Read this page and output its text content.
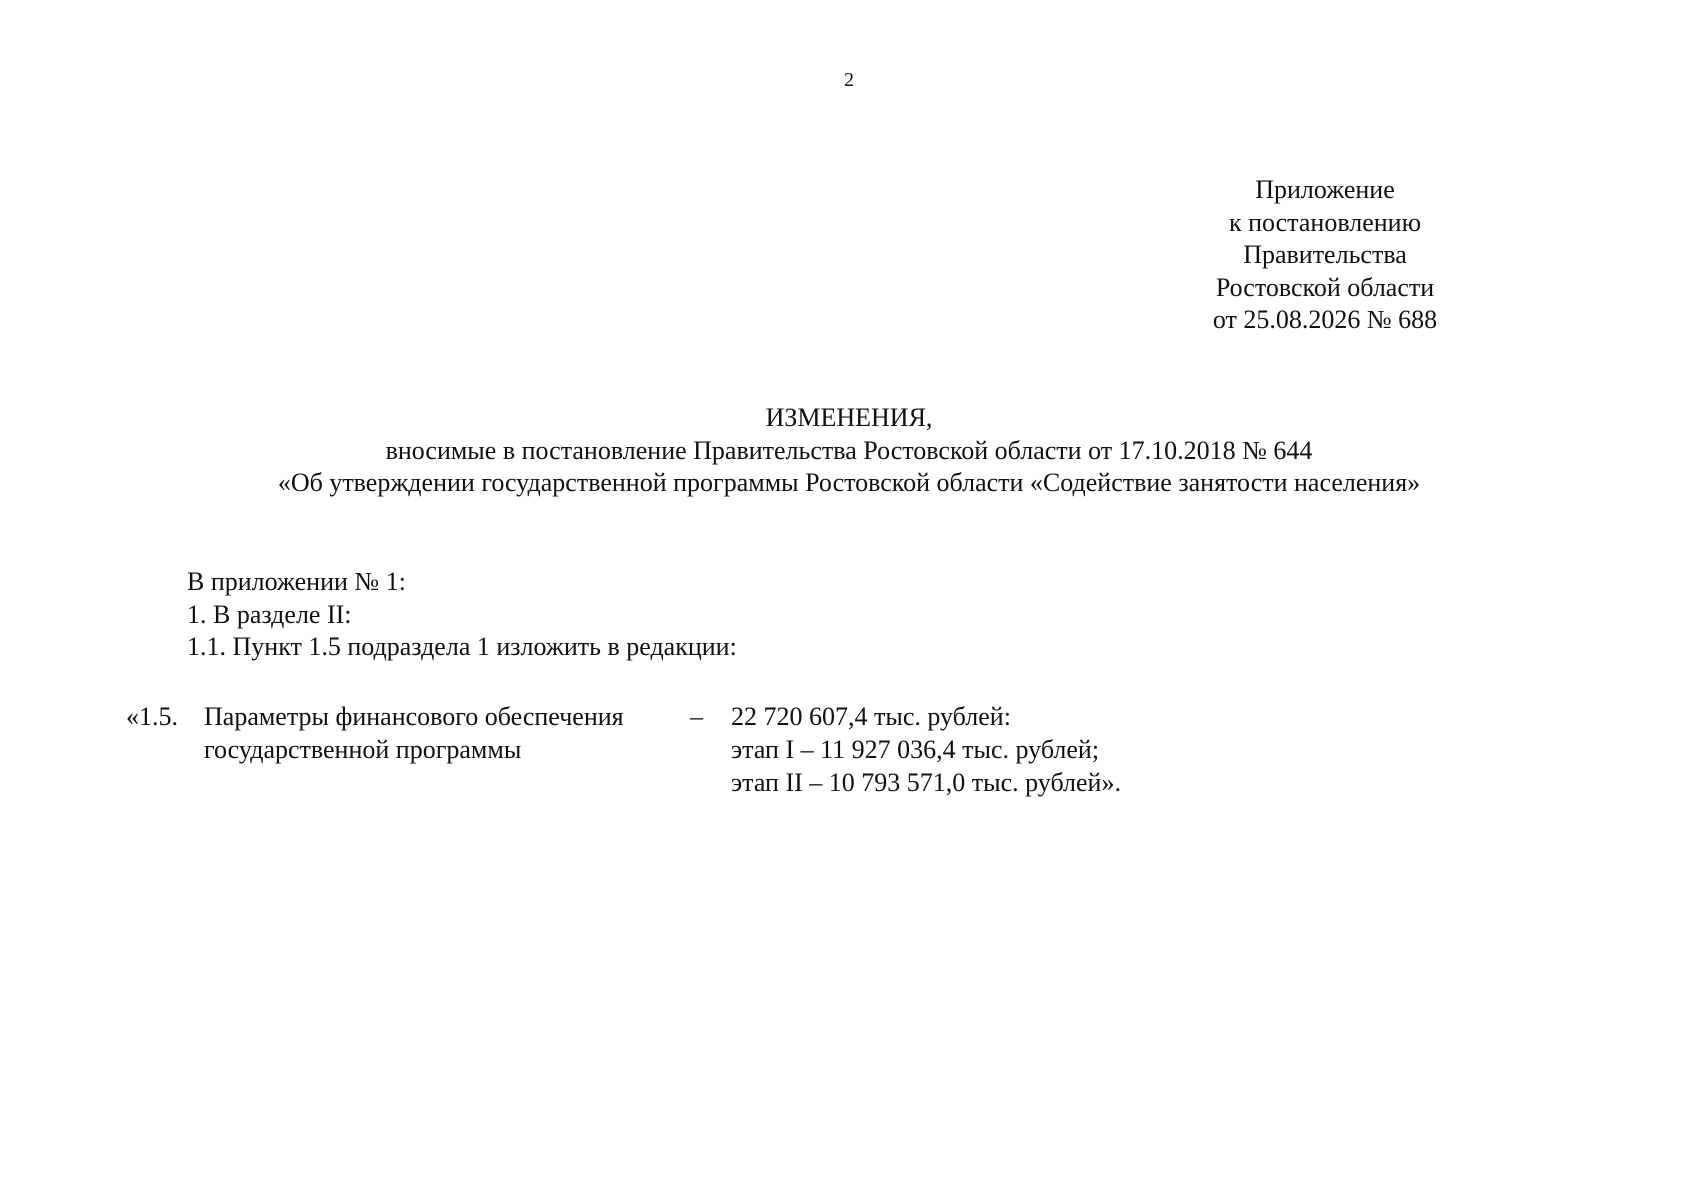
2
Приложение
к постановлению
Правительства
Ростовской области
от 25.08.2026 № 688
ИЗМЕНЕНИЯ,
вносимые в постановление Правительства Ростовской области от 17.10.2018 № 644
«Об утверждении государственной программы Ростовской области «Содействие занятости населения»
В приложении № 1:
1. В разделе II:
1.1. Пункт 1.5 подраздела 1 изложить в редакции:
«1.5. Параметры финансового обеспечения
государственной программы
– 22 720 607,4 тыс. рублей:
этап I – 11 927 036,4 тыс. рублей;
этап II – 10 793 571,0 тыс. рублей».
